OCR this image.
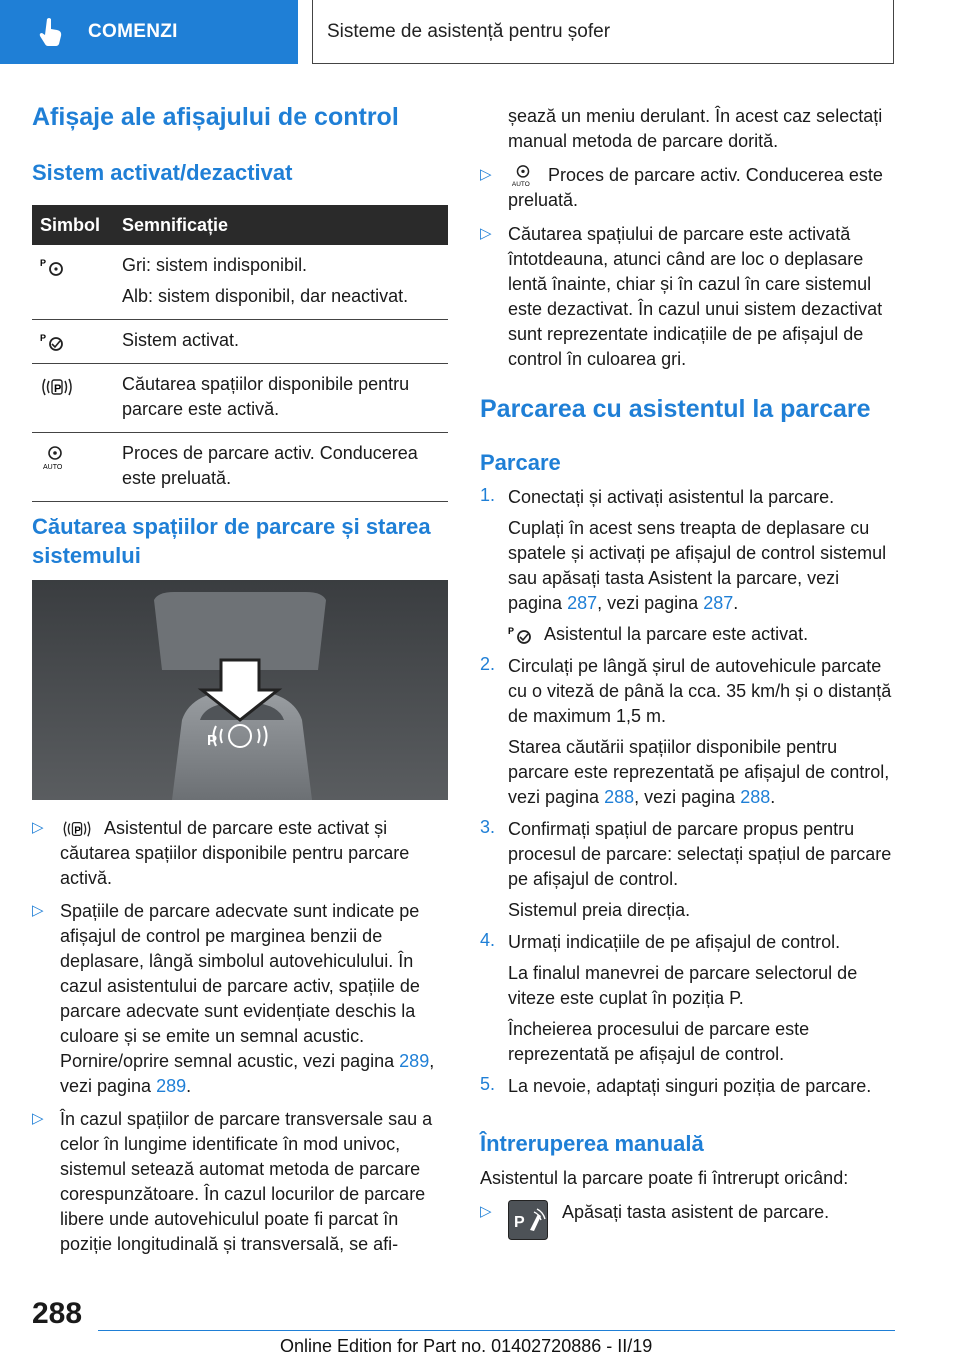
COMENZI	Sisteme de asistență pentru șofer
Afișaje ale afișajului de control
Sistem activat/dezactivat
Simbol	Semnificație

P	Gri: sistem indisponibil.
Alb: sistem disponibil, dar neactivat.

P	Sistem activat.

P	Căutarea spațiilor disponibile pentru parcare este activă.

AUTO	Proces de parcare activ. Conducerea este preluată.
Căutarea spațiilor de parcare și starea sistemului
P
▷	P Asistentul de parcare este activat și căutarea spațiilor disponibile pentru parcare activă.

▷ Spațiile de parcare adecvate sunt indicate pe afișajul de control pe marginea benzii de deplasare, lângă simbolul autovehiculului. În cazul asistentului de parcare activ, spațiile de parcare adecvate sunt evidențiate deschis la culoare și se emite un semnal acustic. Pornire/oprire semnal acustic, vezi pagina 289, vezi pagina 289.

▷ În cazul spațiilor de parcare transversale sau a celor în lungime identificate în mod univoc, sistemul setează automat metoda de parcare corespunzătoare. În cazul locurilor de parcare libere unde autovehiculul poate fi parcat în poziție longitudinală și transversală, se afi-

șează un meniu derulant. În acest caz selectați manual metoda de parcare dorită.

▷

AUTO Proces de parcare activ. Conducerea este preluată.

▷ Căutarea spațiului de parcare este activată întotdeauna, atunci când are loc o deplasare lentă înainte, chiar și în cazul în care sistemul este dezactivat. În cazul unui sistem dezactivat sunt reprezentate indicațiile de pe afișajul de control în culoarea gri.

Parcarea cu asistentul la parcare
Parcare
1. Conectați și activați asistentul la parcare.

Cuplați în acest sens treapta de deplasare cu spatele și activați pe afișajul de control sistemul sau apăsați tasta Asistent la parcare, vezi pagina 287, vezi pagina 287.

P Asistentul la parcare este activat.

2. Circulați pe lângă șirul de autovehicule parcate cu o viteză de până la cca. 35 km/h și o distanță de maximum 1,5 m.

Starea căutării spațiilor disponibile pentru parcare este reprezentată pe afișajul de control, vezi pagina 288, vezi pagina 288.

3. Confirmați spațiul de parcare propus pentru procesul de parcare: selectați spațiul de parcare pe afișajul de control.

Sistemul preia direcția.

4. Urmați indicațiile de pe afișajul de control.

La finalul manevrei de parcare selectorul de viteze este cuplat în poziția P.

Încheierea procesului de parcare este reprezentată pe afișajul de control.

5. La nevoie, adaptați singuri poziția de parcare.

Întreruperea manuală

Asistentul la parcare poate fi întrerupt oricând:

▷
P

Apăsați tasta asistent de parcare.

288
Online Edition for Part no. 01402720886 - II/19
